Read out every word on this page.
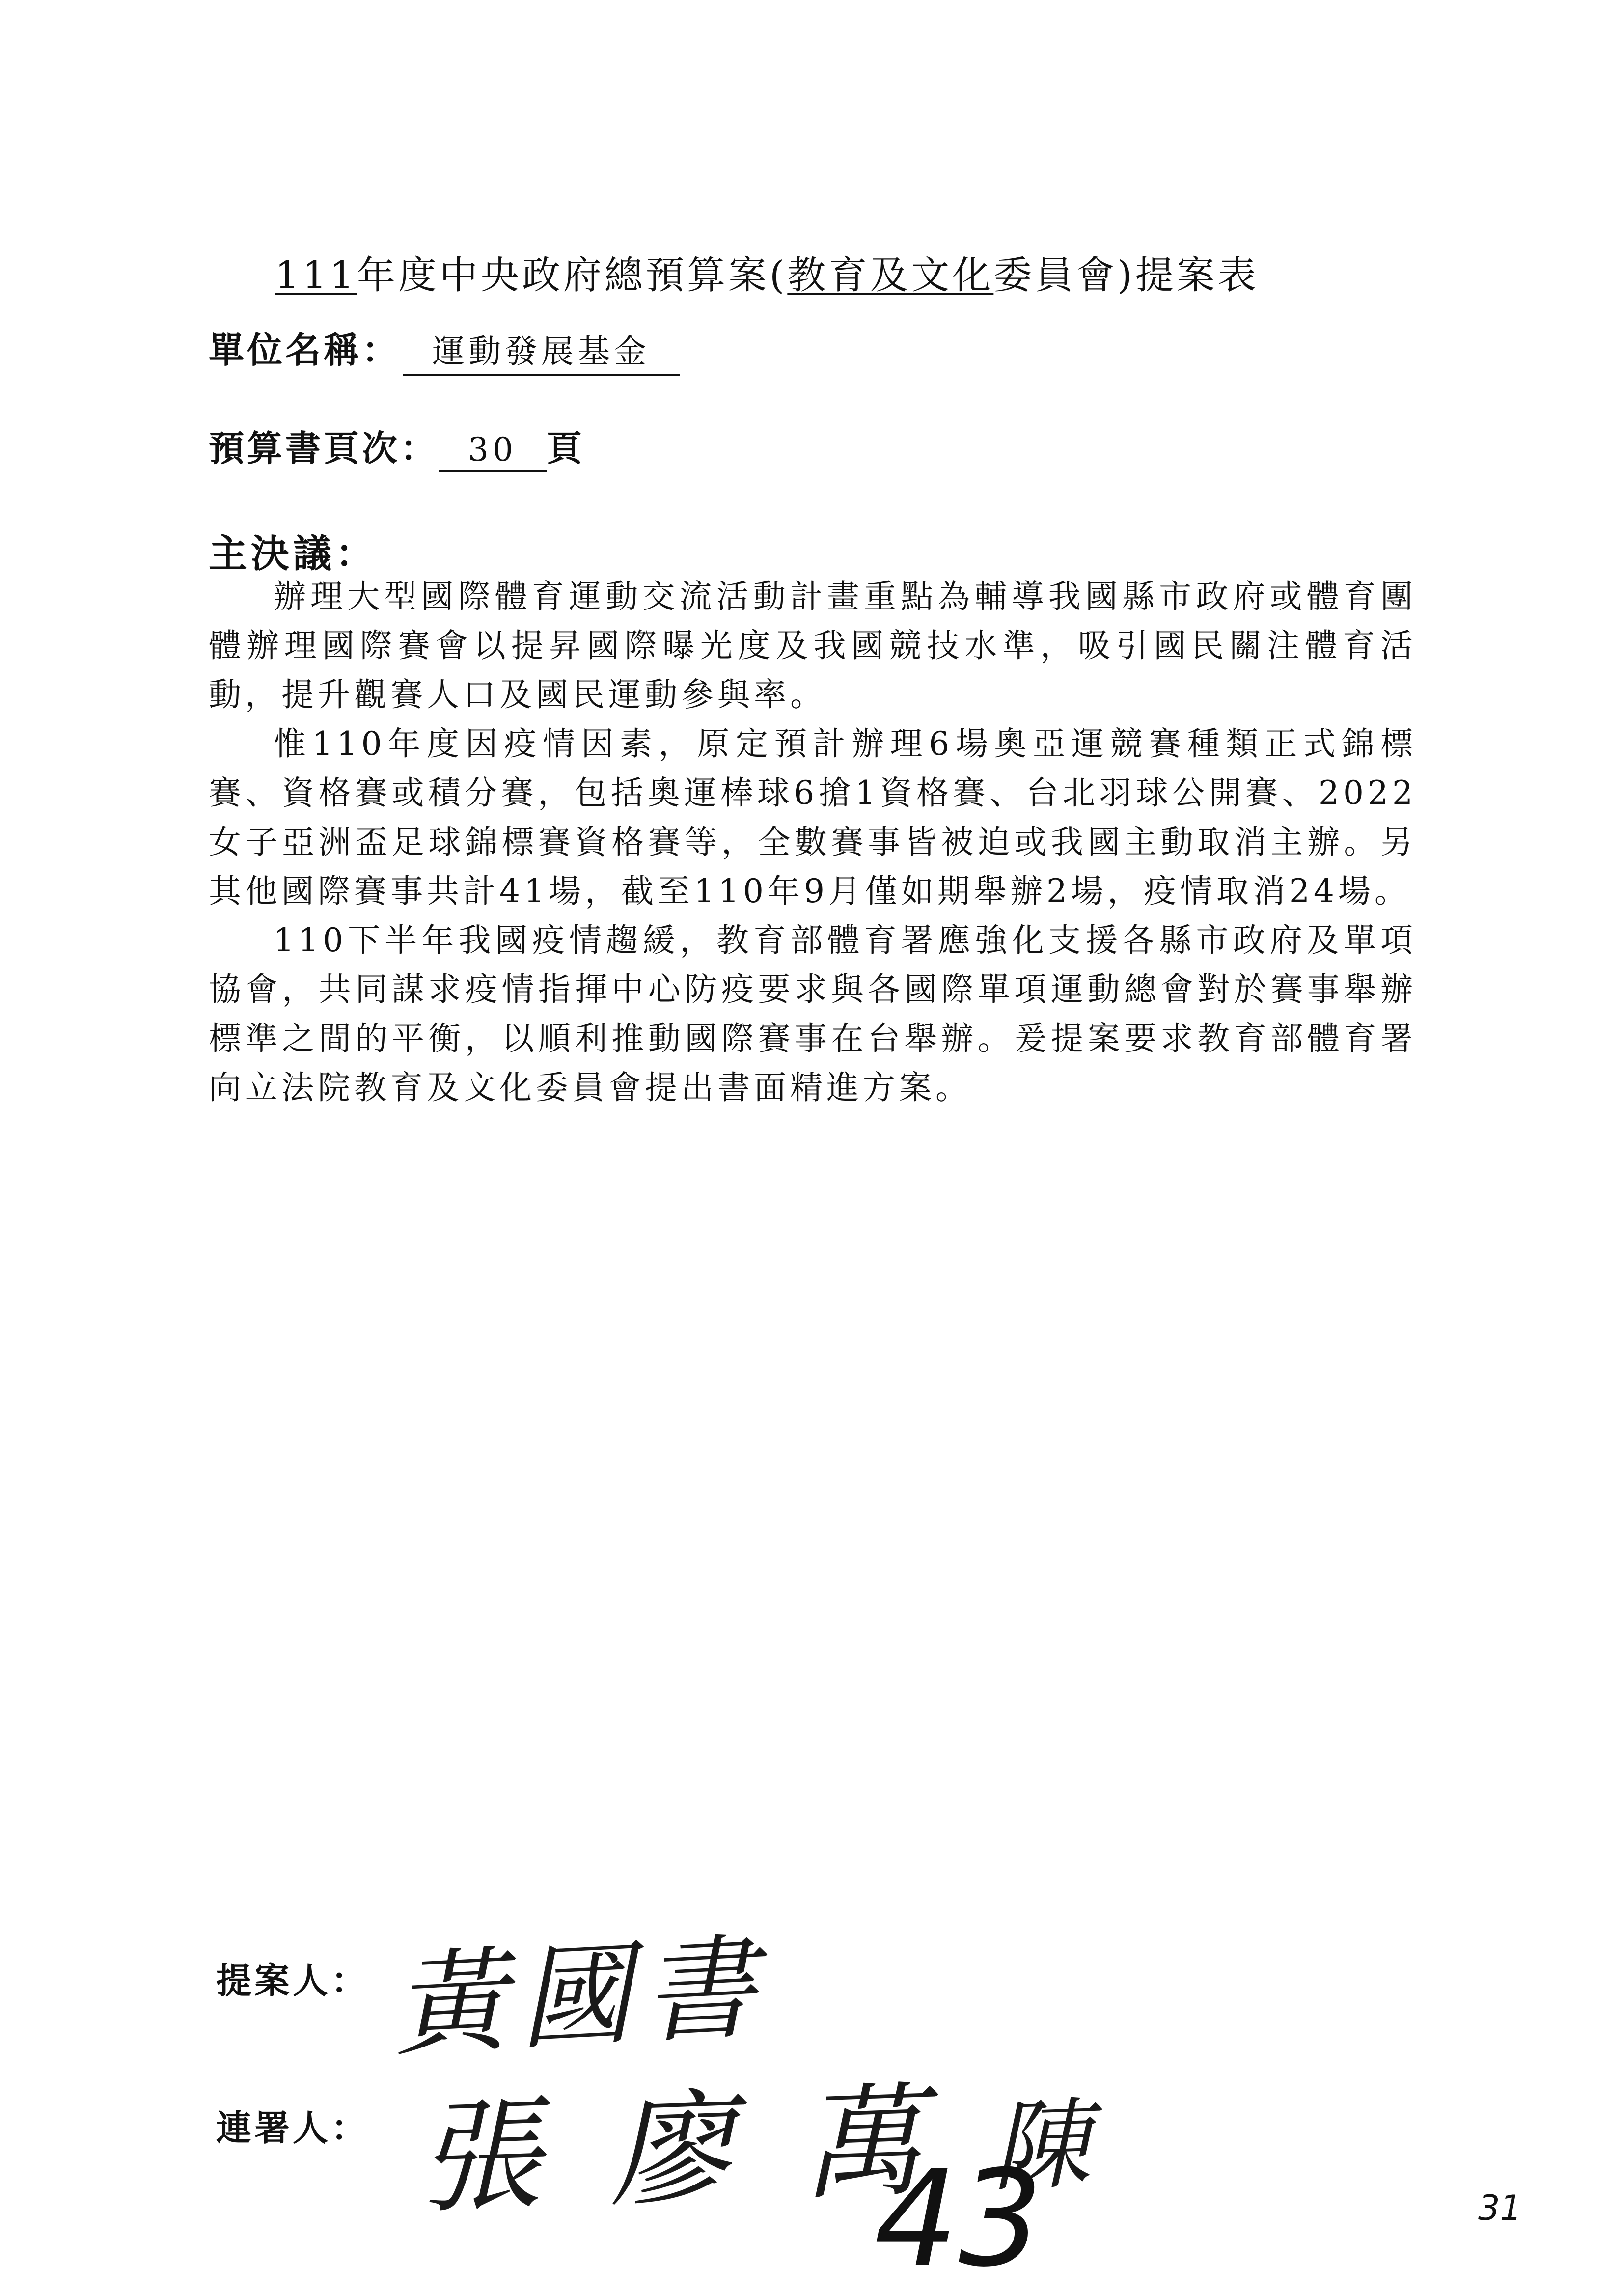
111年度中央政府總預算案(教育及文化委員會)提案表
單位名稱： 運動發展基金
預算書頁次： 30 頁
主決議：

辦理大型國際體育運動交流活動計畫重點為輔導我國縣市政府或體育團體辦理國際賽會以提昇國際曝光度及我國競技水準，吸引國民關注體育活動，提升觀賽人口及國民運動參與率。

惟110年度因疫情因素，原定預計辦理6場奧亞運競賽種類正式錦標賽、資格賽或積分賽，包括奧運棒球6搶1資格賽、台北羽球公開賽、2022女子亞洲盃足球錦標賽資格賽等，全數賽事皆被迫或我國主動取消主辦。另其他國際賽事共計41場，截至110年9月僅如期舉辦2場，疫情取消24場。

110下半年我國疫情趨緩，教育部體育署應強化支援各縣市政府及單項協會，共同謀求疫情指揮中心防疫要求與各國際單項運動總會對於賽事舉辦標準之間的平衡，以順利推動國際賽事在台舉辦。爰提案要求教育部體育署向立法院教育及文化委員會提出書面精進方案。

提案人： 黃國書
連署人： 張 廖 萬 陳
43	31
